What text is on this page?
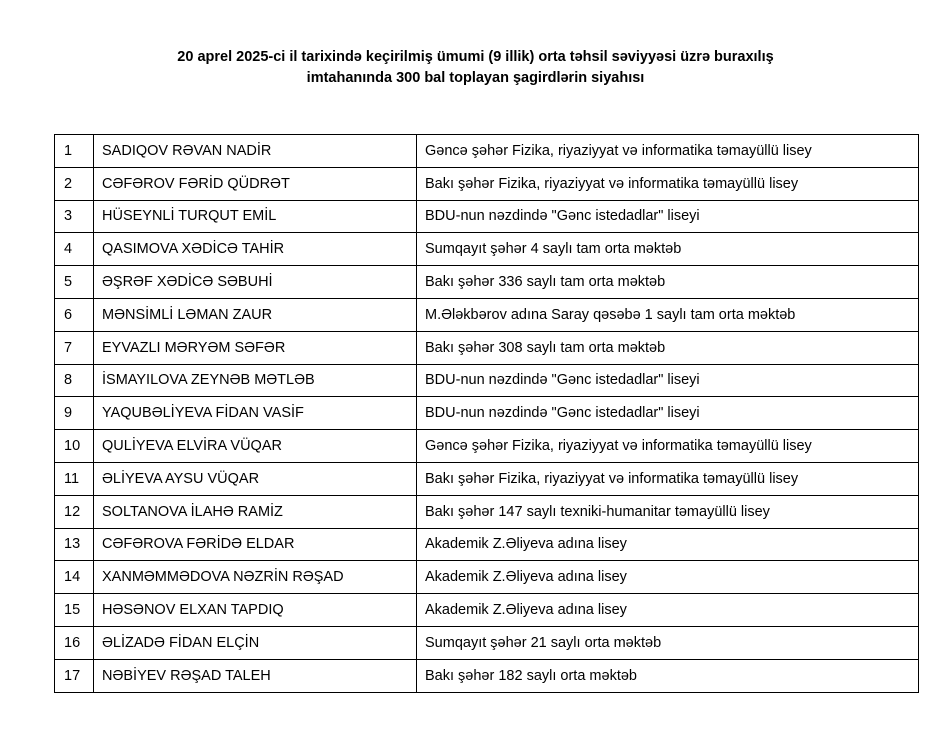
20 aprel 2025-ci il tarixində keçirilmiş ümumi (9 illik) orta təhsil səviyyəsi üzrə buraxılış
imtahanında 300 bal toplayan şagirdlərin siyahısı
1	SADIQOV RƏVAN NADİR	Gəncə şəhər Fizika, riyaziyyat və informatika təmayüllü lisey
2	CƏFƏROV FƏRİD QÜDRƏT	Bakı şəhər Fizika, riyaziyyat və informatika təmayüllü lisey
3	HÜSEYNLİ TURQUT EMİL	BDU-nun nəzdində "Gənc istedadlar" liseyi
4	QASIMOVA XƏDİCƏ TAHİR	Sumqayıt şəhər 4 saylı tam orta məktəb
5	ƏŞRƏF XƏDİCƏ SƏBUHİ	Bakı şəhər 336 saylı tam orta məktəb
6	MƏNSİMLİ LƏMAN ZAUR	M.Ələkbərov adına Saray qəsəbə 1 saylı tam orta məktəb
7	EYVAZLI MƏRYƏM SƏFƏR	Bakı şəhər 308 saylı tam orta məktəb
8	İSMAYILOVA ZEYNƏB MƏTLƏB	BDU-nun nəzdində "Gənc istedadlar" liseyi
9	YAQUBƏLİYEVA FİDAN VASİF	BDU-nun nəzdində "Gənc istedadlar" liseyi
10	QULİYEVA ELVİRA VÜQAR	Gəncə şəhər Fizika, riyaziyyat və informatika təmayüllü lisey
11	ƏLİYEVA AYSU VÜQAR	Bakı şəhər Fizika, riyaziyyat və informatika təmayüllü lisey
12	SOLTANOVA İLAHƏ RAMİZ	Bakı şəhər 147 saylı texniki-humanitar təmayüllü lisey
13	CƏFƏROVA FƏRİDƏ ELDAR	Akademik Z.Əliyeva adına lisey
14	XANMƏMMƏDOVA NƏZRİN RƏŞAD	Akademik Z.Əliyeva adına lisey
15	HƏSƏNOV ELXAN TAPDIQ	Akademik Z.Əliyeva adına lisey
16	ƏLİZADƏ FİDAN ELÇİN	Sumqayıt şəhər 21 saylı orta məktəb
17	NƏBİYEV RƏŞAD TALEH	Bakı şəhər 182 saylı orta məktəb
